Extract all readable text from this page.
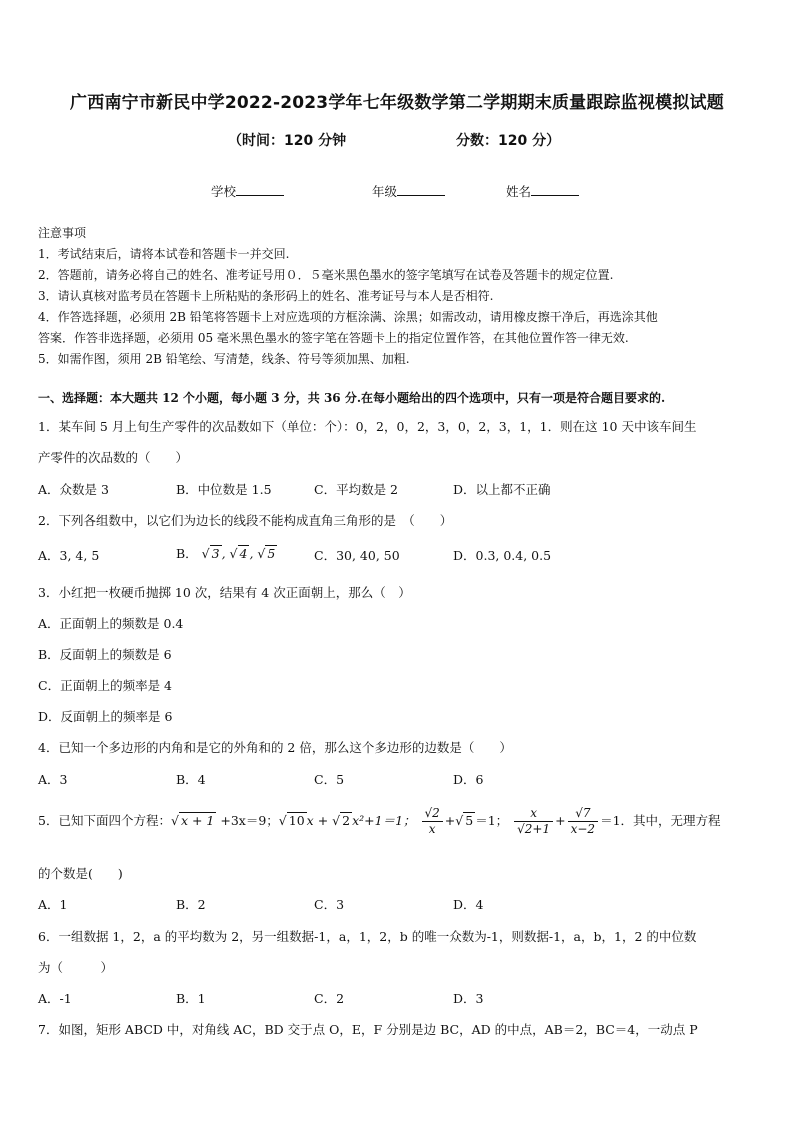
广西南宁市新民中学2022-2023学年七年级数学第二学期期末质量跟踪监视模拟试题
（时间：120 分钟	分数：120 分）
学校	年级	姓名
注意事项
1．考试结束后，请将本试卷和答题卡一并交回.
2．答题前，请务必将自己的姓名、准考证号用０．５毫米黑色墨水的签字笔填写在试卷及答题卡的规定位置.
3．请认真核对监考员在答题卡上所粘贴的条形码上的姓名、准考证号与本人是否相符.
4．作答选择题，必须用 2B 铅笔将答题卡上对应选项的方框涂满、涂黑；如需改动，请用橡皮擦干净后，再选涂其他
答案．作答非选择题，必须用 05 毫米黑色墨水的签字笔在答题卡上的指定位置作答，在其他位置作答一律无效.
5．如需作图，须用 2B 铅笔绘、写清楚，线条、符号等须加黑、加粗.
一、选择题：本大题共 12 个小题，每小题 3 分，共 36 分.在每小题给出的四个选项中，只有一项是符合题目要求的.
1．某车间 5 月上旬生产零件的次品数如下（单位：个）：0，2，0，2，3，0，2，3，1，1．则在这 10 天中该车间生
产零件的次品数的（　　）
A．众数是 3	B．中位数是 1.5	C．平均数是 2	D．以上都不正确
2．下列各组数中，以它们为边长的线段不能构成直角三角形的是　（　　）
A．3, 4, 5	B． √ 3 , √ 4 , √ 5	C．30, 40, 50	D．0.3, 0.4, 0.5
3．小红把一枚硬币抛掷 10 次，结果有 4 次正面朝上，那么（　）
A．正面朝上的频数是 0.4
B．反面朝上的频数是 6
C．正面朝上的频率是 4
D．反面朝上的频率是 6
4．已知一个多边形的内角和是它的外角和的 2 倍，那么这个多边形的边数是（　　）
A．3	B．4	C．5	D．6
5．已知下面四个方程：√ x + 1 +3x＝9；√ 10 x + √ 2 x²+1＝1； $\frac{√2}{x}$ +√ 5 ＝1； $\frac{x}{√2+1} + \frac{√7}{x-2} =1$．其中，无理方程
的个数是(　　)
A．1	B．2	C．3	D．4
6．一组数据 1，2，a 的平均数为 2，另一组数据-1，a，1，2，b 的唯一众数为-1，则数据-1，a，b，1，2 的中位数
为（　　　）
A．-1	B．1	C．2	D．3
7．如图，矩形 ABCD 中，对角线 AC，BD 交于点 O，E，F 分别是边 BC，AD 的中点，AB＝2，BC＝4，一动点 P
